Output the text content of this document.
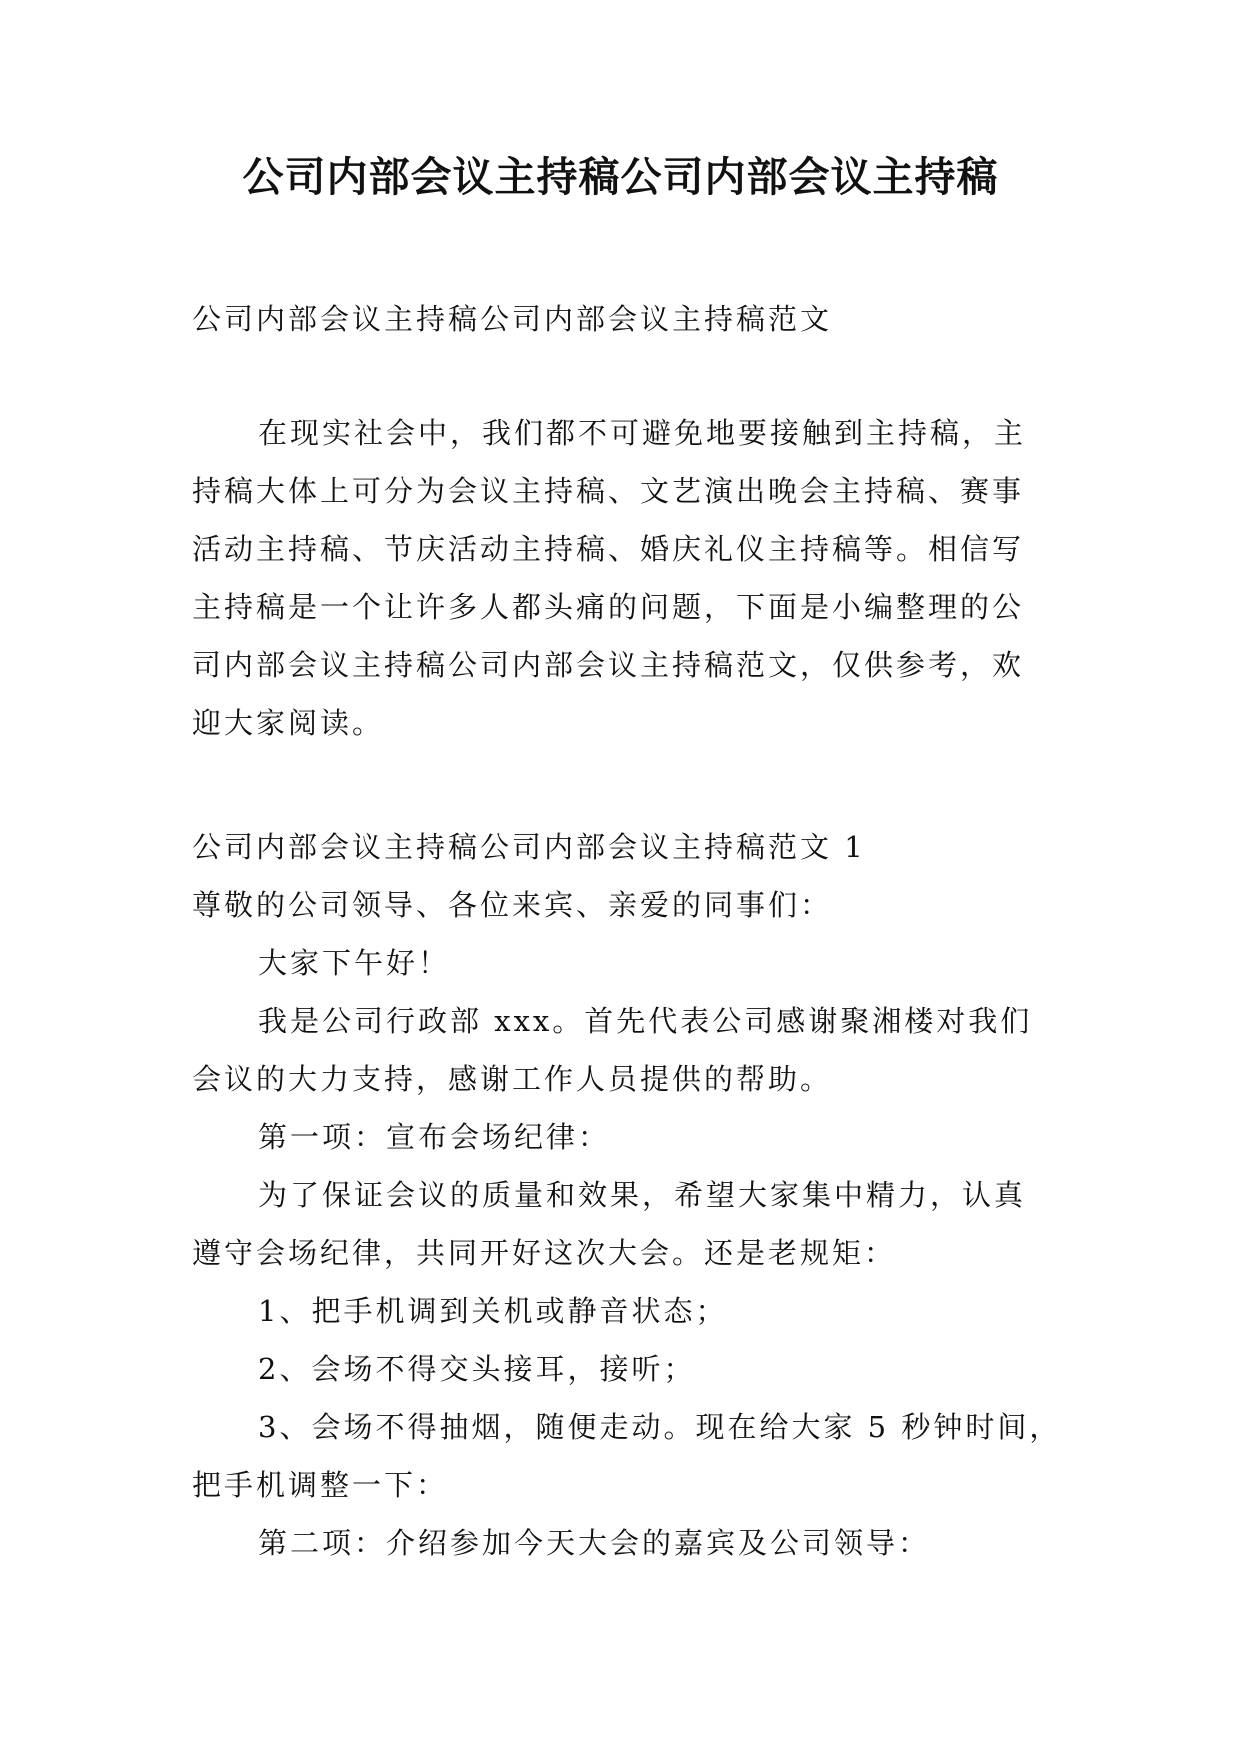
公司内部会议主持稿公司内部会议主持稿
公司内部会议主持稿公司内部会议主持稿范文
在现实社会中，我们都不可避免地要接触到主持稿，主
持稿大体上可分为会议主持稿、文艺演出晚会主持稿、赛事
活动主持稿、节庆活动主持稿、婚庆礼仪主持稿等。相信写
主持稿是一个让许多人都头痛的问题，下面是小编整理的公
司内部会议主持稿公司内部会议主持稿范文，仅供参考，欢
迎大家阅读。
公司内部会议主持稿公司内部会议主持稿范文 1
尊敬的公司领导、各位来宾、亲爱的同事们：
大家下午好！
我是公司行政部 xxx。首先代表公司感谢聚湘楼对我们
会议的大力支持，感谢工作人员提供的帮助。
第一项：宣布会场纪律：
为了保证会议的质量和效果，希望大家集中精力，认真
遵守会场纪律，共同开好这次大会。还是老规矩：
1、把手机调到关机或静音状态；
2、会场不得交头接耳，接听；
3、会场不得抽烟，随便走动。现在给大家 5 秒钟时间，
把手机调整一下：
第二项：介绍参加今天大会的嘉宾及公司领导：
